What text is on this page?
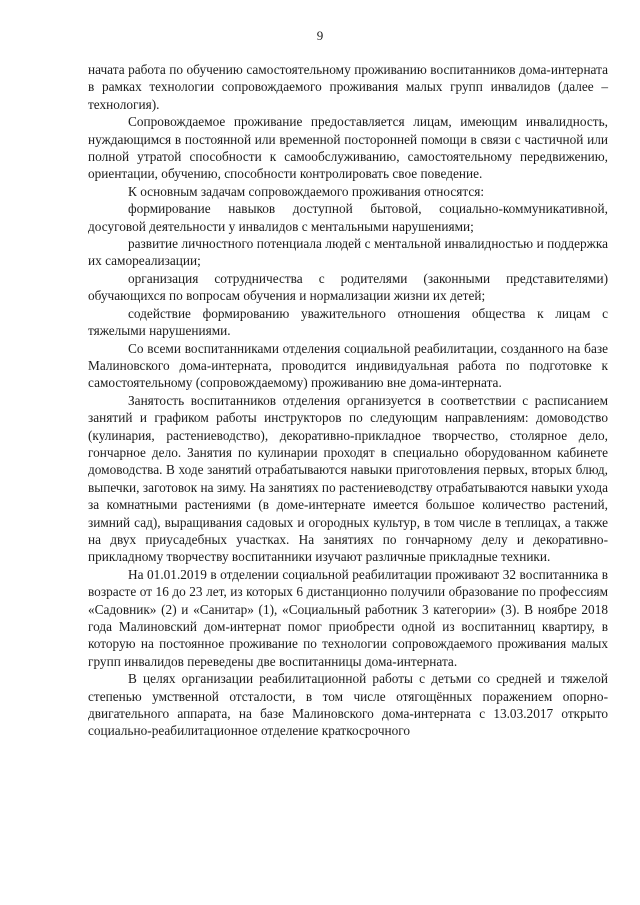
9

начата работа по обучению самостоятельному проживанию воспитанников дома-интерната в рамках технологии сопровождаемого проживания малых групп инвалидов (далее – технология).

Сопровождаемое проживание предоставляется лицам, имеющим инвалидность, нуждающимся в постоянной или временной посторонней помощи в связи с частичной или полной утратой способности к самообслуживанию, самостоятельному передвижению, ориентации, обучению, способности контролировать свое поведение.

К основным задачам сопровождаемого проживания относятся:

формирование навыков доступной бытовой, социально-коммуникативной, досуговой деятельности у инвалидов с ментальными нарушениями;

развитие личностного потенциала людей с ментальной инвалидностью и поддержка их самореализации;

организация сотрудничества с родителями (законными представителями) обучающихся по вопросам обучения и нормализации жизни их детей;

содействие формированию уважительного отношения общества к лицам с тяжелыми нарушениями.

Со всеми воспитанниками отделения социальной реабилитации, созданного на базе Малиновского дома-интерната, проводится индивидуальная работа по подготовке к самостоятельному (сопровождаемому) проживанию вне дома-интерната.

Занятость воспитанников отделения организуется в соответствии с расписанием занятий и графиком работы инструкторов по следующим направлениям: домоводство (кулинария, растениеводство), декоративно-прикладное творчество, столярное дело, гончарное дело. Занятия по кулинарии проходят в специально оборудованном кабинете домоводства. В ходе занятий отрабатываются навыки приготовления первых, вторых блюд, выпечки, заготовок на зиму. На занятиях по растениеводству отрабатываются навыки ухода за комнатными растениями (в доме-интернате имеется большое количество растений, зимний сад), выращивания садовых и огородных культур, в том числе в теплицах, а также на двух приусадебных участках. На занятиях по гончарному делу и декоративно-прикладному творчеству воспитанники изучают различные прикладные техники.

На 01.01.2019 в отделении социальной реабилитации проживают 32 воспитанника в возрасте от 16 до 23 лет, из которых 6 дистанционно получили образование по профессиям «Садовник» (2) и «Санитар» (1), «Социальный работник 3 категории» (3). В ноябре 2018 года Малиновский дом-интернат помог приобрести одной из воспитанниц квартиру, в которую на постоянное проживание по технологии сопровождаемого проживания малых групп инвалидов переведены две воспитанницы дома-интерната.

В целях организации реабилитационной работы с детьми со средней и тяжелой степенью умственной отсталости, в том числе отягощённых поражением опорно-двигательного аппарата, на базе Малиновского дома-интерната с 13.03.2017 открыто социально-реабилитационное отделение краткосрочного
